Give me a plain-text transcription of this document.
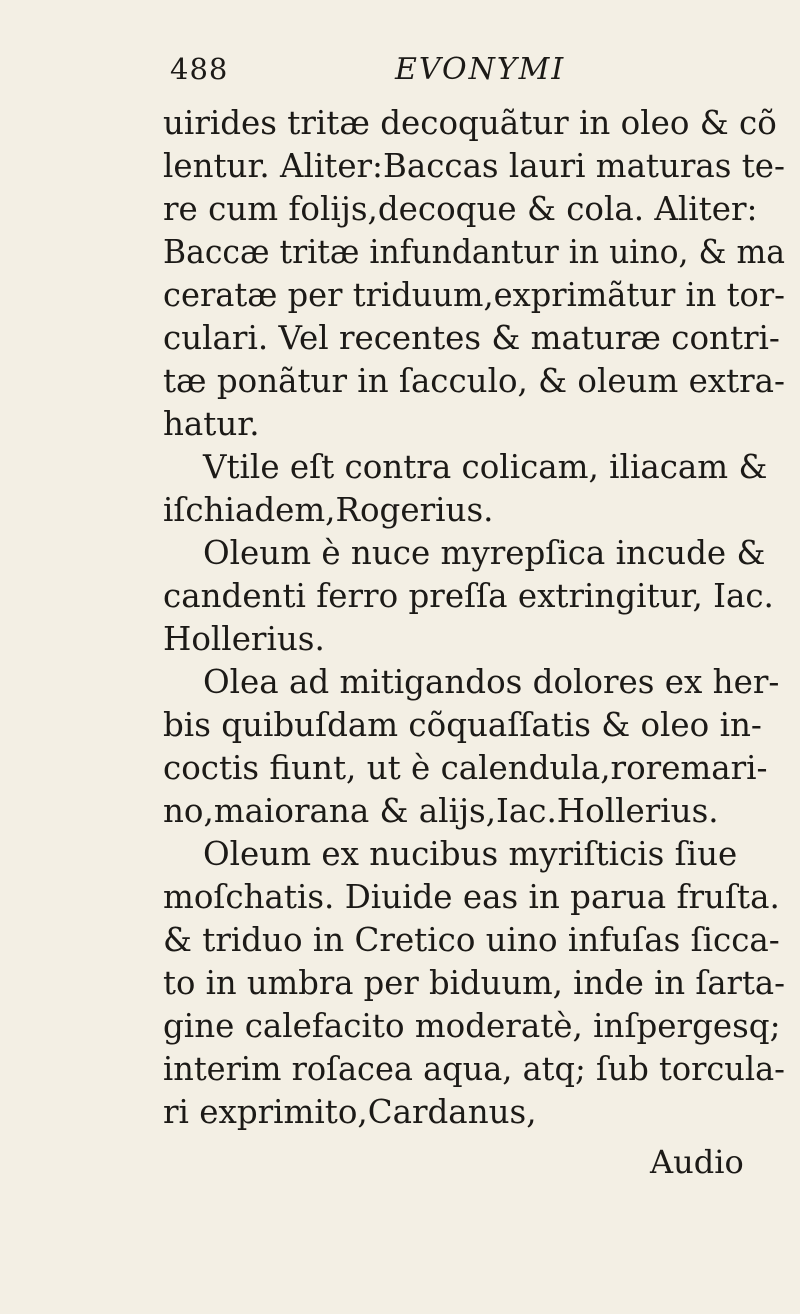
488	EVONYMI
uirides tritæ decoquãtur in oleo & cõ
lentur. Aliter:Baccas lauri maturas te-
re cum folijs,decoque & cola. Aliter:
Baccæ tritæ infundantur in uino, & ma
ceratæ per triduum,exprimãtur in tor-
culari. Vel recentes & maturæ contri-
tæ ponãtur in ſacculo, & oleum extra-
hatur.
Vtile eſt contra colicam, iliacam &
iſchiadem,Rogerius.
Oleum è nuce myrepſica incude &
candenti ferro preſſa extringitur, Iac.
Hollerius.
Olea ad mitigandos dolores ex her-
bis quibuſdam cõquaſſatis & oleo in-
coctis fiunt, ut è calendula,roremari-
no,maiorana & alijs,Iac.Hollerius.
Oleum ex nucibus myriſticis ſiue
moſchatis. Diuide eas in parua fruſta.
& triduo in Cretico uino infuſas ſicca-
to in umbra per biduum, inde in ſarta-
gine calefacito moderatè, inſpergesq;
interim roſacea aqua, atq; ſub torcula-
ri exprimito,Cardanus,
Audio
